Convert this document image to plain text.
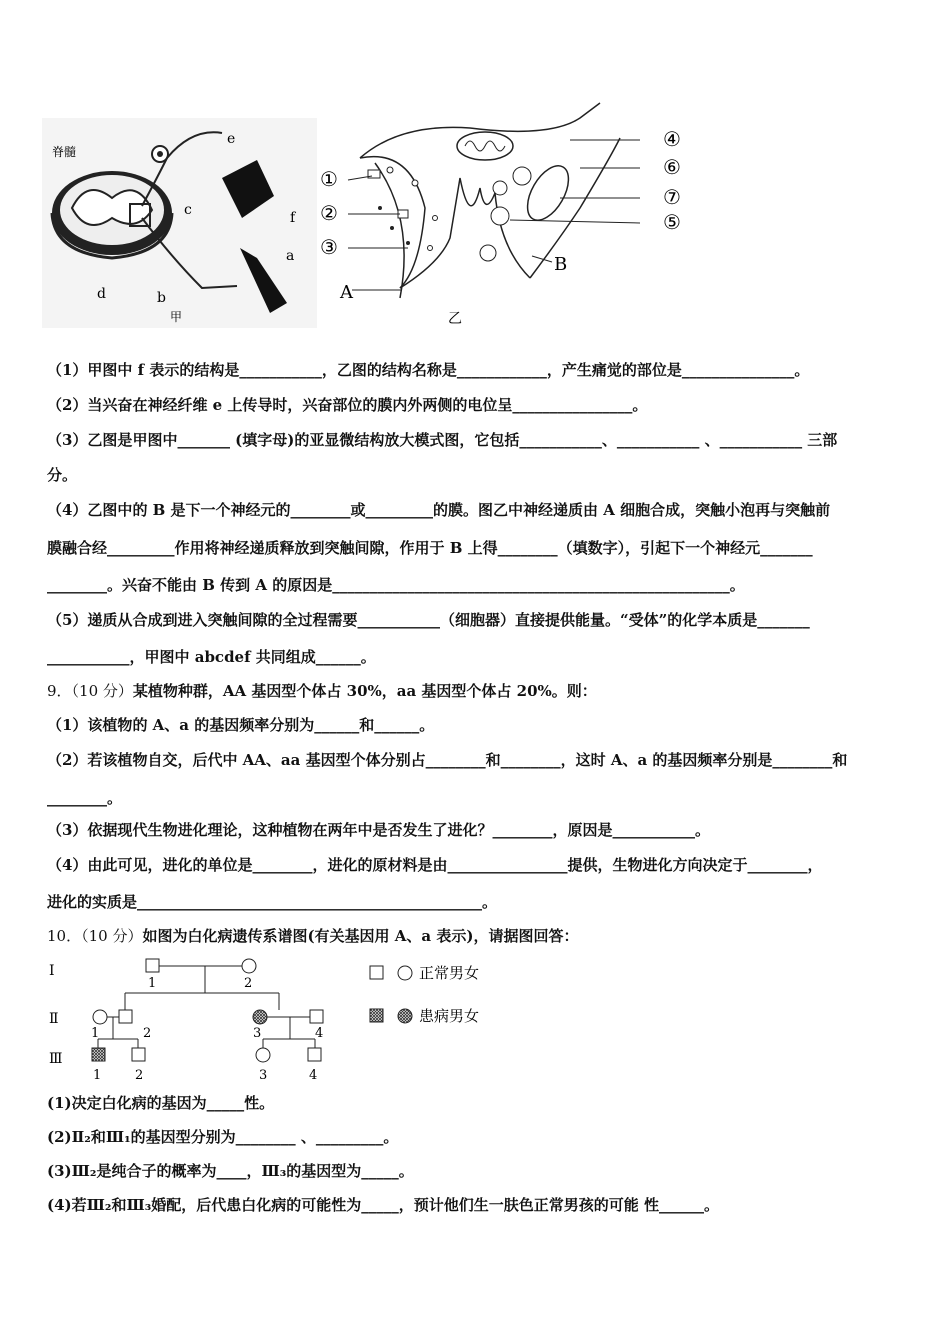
脊髓
a
b
c
d
e
f
甲
①
②
③
A
④
⑥
⑦
⑤
B
乙
（1）甲图中 f 表示的结构是___________，乙图的结构名称是____________，产生痛觉的部位是_______________。
（2）当兴奋在神经纤维 e 上传导时，兴奋部位的膜内外两侧的电位呈________________。
（3）乙图是甲图中_______ (填字母)的亚显微结构放大模式图，它包括___________、___________ 、___________ 三部
分。
（4）乙图中的 B 是下一个神经元的________或_________的膜。图乙中神经递质由 A 细胞合成，突触小泡再与突触前
膜融合经_________作用将神经递质释放到突触间隙，作用于 B 上得________（填数字），引起下一个神经元_______
________。兴奋不能由 B 传到 A 的原因是_____________________________________________________。
（5）递质从合成到进入突触间隙的全过程需要___________（细胞器）直接提供能量。“受体”的化学本质是_______
___________，甲图中 abcdef 共同组成______。
9．（10 分）某植物种群，AA 基因型个体占 30%，aa 基因型个体占 20%。则：
（1）该植物的 A、a 的基因频率分别为______和______。
（2）若该植物自交，后代中 AA、aa 基因型个体分别占________和________，这时 A、a 的基因频率分别是________和
________。
（3）依据现代生物进化理论，这种植物在两年中是否发生了进化？________，原因是___________。
（4）由此可见，进化的单位是________，进化的原材料是由________________提供，生物进化方向决定于________，
进化的实质是______________________________________________。
10．（10 分）如图为白化病遗传系谱图(有关基因用 A、a 表示)，请据图回答：
Ⅰ
Ⅱ
Ⅲ
1	2
1	2	3	4
1	2	3	4
正常男女
患病男女
(1)决定白化病的基因为_____性。
(2)Ⅱ₂和Ⅲ₁的基因型分别为________ 、_________。
(3)Ⅲ₂是纯合子的概率为____，Ⅲ₃的基因型为_____。
(4)若Ⅲ₂和Ⅲ₃婚配，后代患白化病的可能性为_____，预计他们生一肤色正常男孩的可能 性______。
